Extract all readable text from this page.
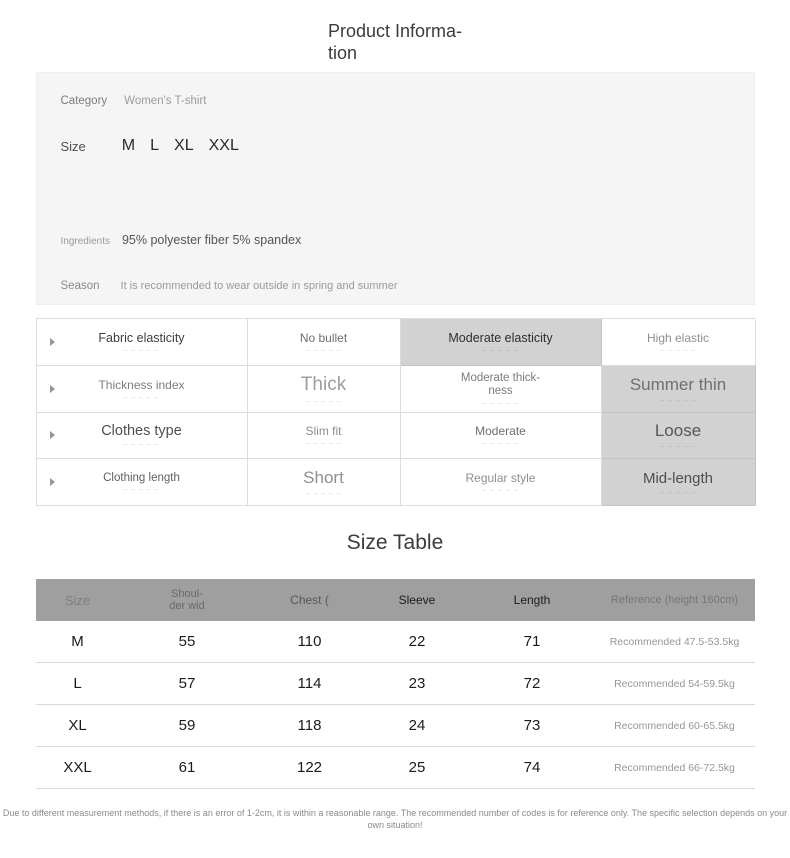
Product Informa-
tion
Category Women's T-shirt
Size M L XL XXL
Ingredients 95% polyester fiber 5% spandex
Season It is recommended to wear outside in spring and summer
Fabric elasticity – – –	No bullet – – –	Moderate elasticity – – –	High elastic – – –
Thickness index – – –	Thick – – –	Moderate thick-ness – – –	Summer thin – – –
Clothes type – – –	Slim fit – – –	Moderate – – –	Loose – – –
Clothing length – – –	Short – – –	Regular style – – –	Mid-length – – –
Size Table
Size	Shoul-der wid	Chest (	Sleeve	Length	Reference (height 160cm)
M	55	110	22	71	Recommended 47.5-53.5kg
L	57	114	23	72	Recommended 54-59.5kg
XL	59	118	24	73	Recommended 60-65.5kg
XXL	61	122	25	74	Recommended 66-72.5kg
Due to different measurement methods, if there is an error of 1-2cm, it is within a reasonable range. The recommended number of codes is for reference only. The specific selection depends on your own situation!
